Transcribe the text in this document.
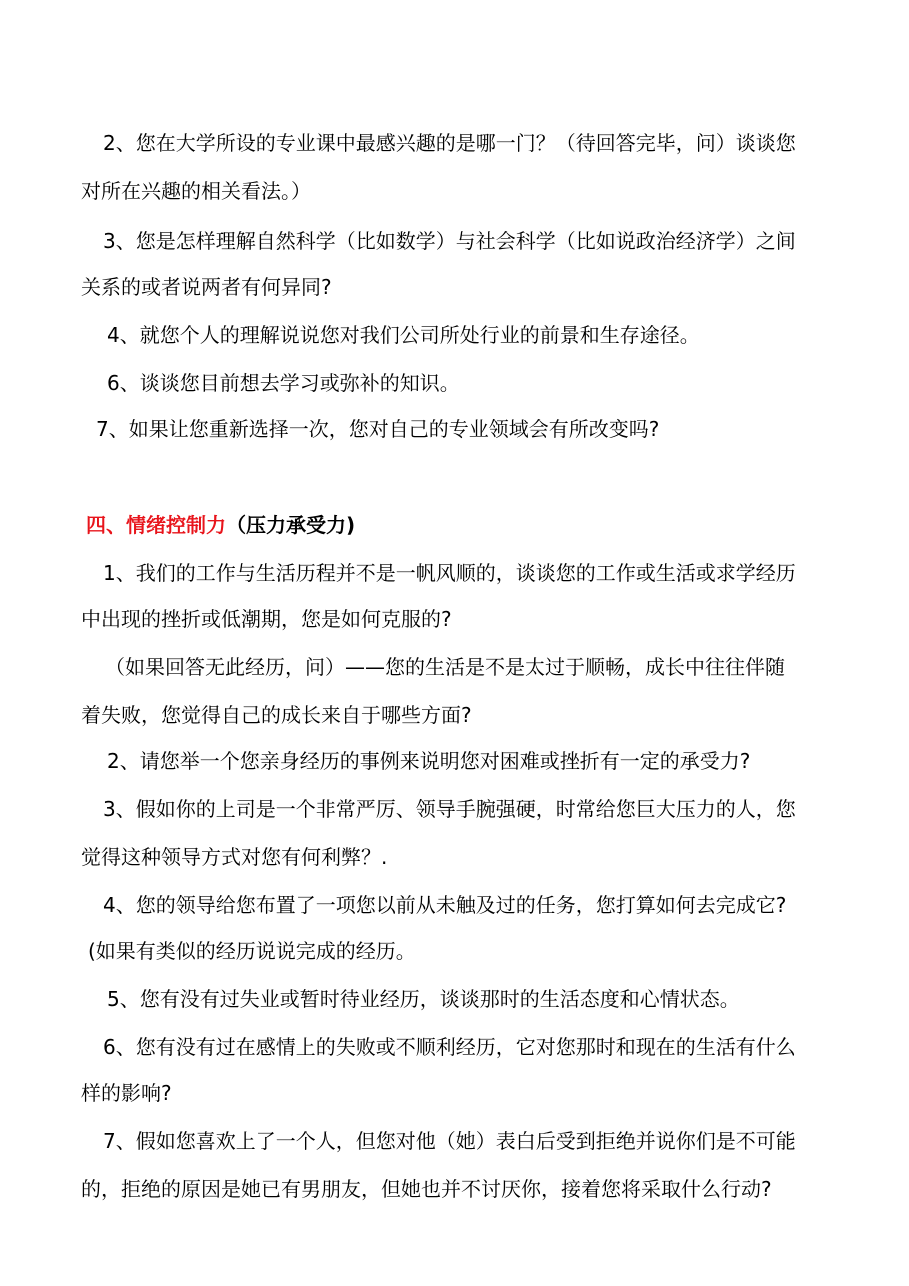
2、您在大学所设的专业课中最感兴趣的是哪一门？（待回答完毕，问）谈谈您
对所在兴趣的相关看法。）
3、您是怎样理解自然科学（比如数学）与社会科学（比如说政治经济学）之间
关系的或者说两者有何异同?
4、就您个人的理解说说您对我们公司所处行业的前景和生存途径。
6、谈谈您目前想去学习或弥补的知识。
7、如果让您重新选择一次，您对自己的专业领域会有所改变吗?
四、情绪控制力（压力承受力)
1、我们的工作与生活历程并不是一帆风顺的，谈谈您的工作或生活或求学经历
中出现的挫折或低潮期，您是如何克服的?
（如果回答无此经历，问）——您的生活是不是太过于顺畅，成长中往往伴随
着失败，您觉得自己的成长来自于哪些方面?
2、请您举一个您亲身经历的事例来说明您对困难或挫折有一定的承受力?
3、假如你的上司是一个非常严厉、领导手腕强硬，时常给您巨大压力的人，您
觉得这种领导方式对您有何利弊？.
4、您的领导给您布置了一项您以前从未触及过的任务，您打算如何去完成它?
(如果有类似的经历说说完成的经历。
5、您有没有过失业或暂时待业经历，谈谈那时的生活态度和心情状态。
6、您有没有过在感情上的失败或不顺利经历，它对您那时和现在的生活有什么
样的影响?
7、假如您喜欢上了一个人，但您对他（她）表白后受到拒绝并说你们是不可能
的，拒绝的原因是她已有男朋友，但她也并不讨厌你，接着您将采取什么行动?
